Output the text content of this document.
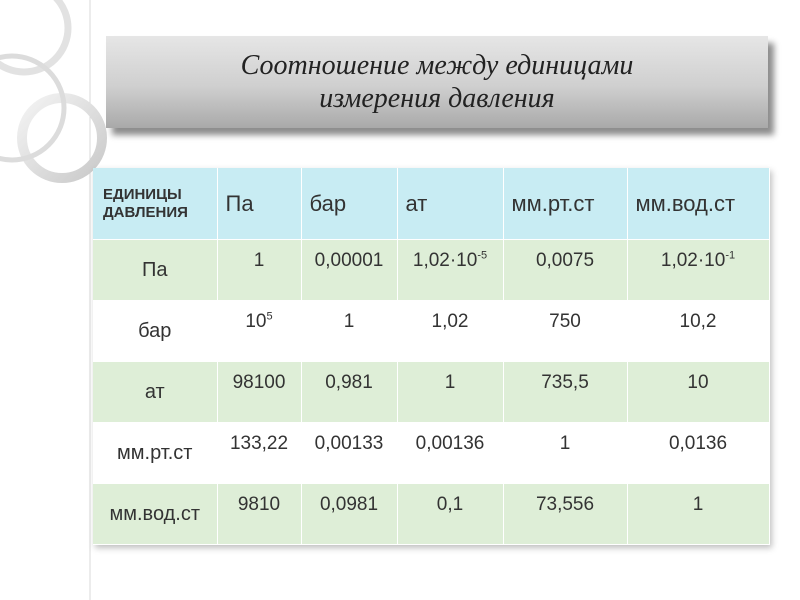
Соотношение между единицами
измерения давления
ЕДИНИЦЫ
ДАВЛЕНИЯ	Па	бар	ат	мм.рт.ст	мм.вод.ст
Па	1	0,00001	$1,02\cdot 10^{-5}$	0,0075	$1,02\cdot 10^{-1}$
бар	$10^5$	1	1,02	750	10,2
ат	98100	0,981	1	735,5	10
мм.рт.ст	133,22	0,00133	0,00136	1	0,0136
мм.вод.ст	9810	0,0981	0,1	73,556	1
